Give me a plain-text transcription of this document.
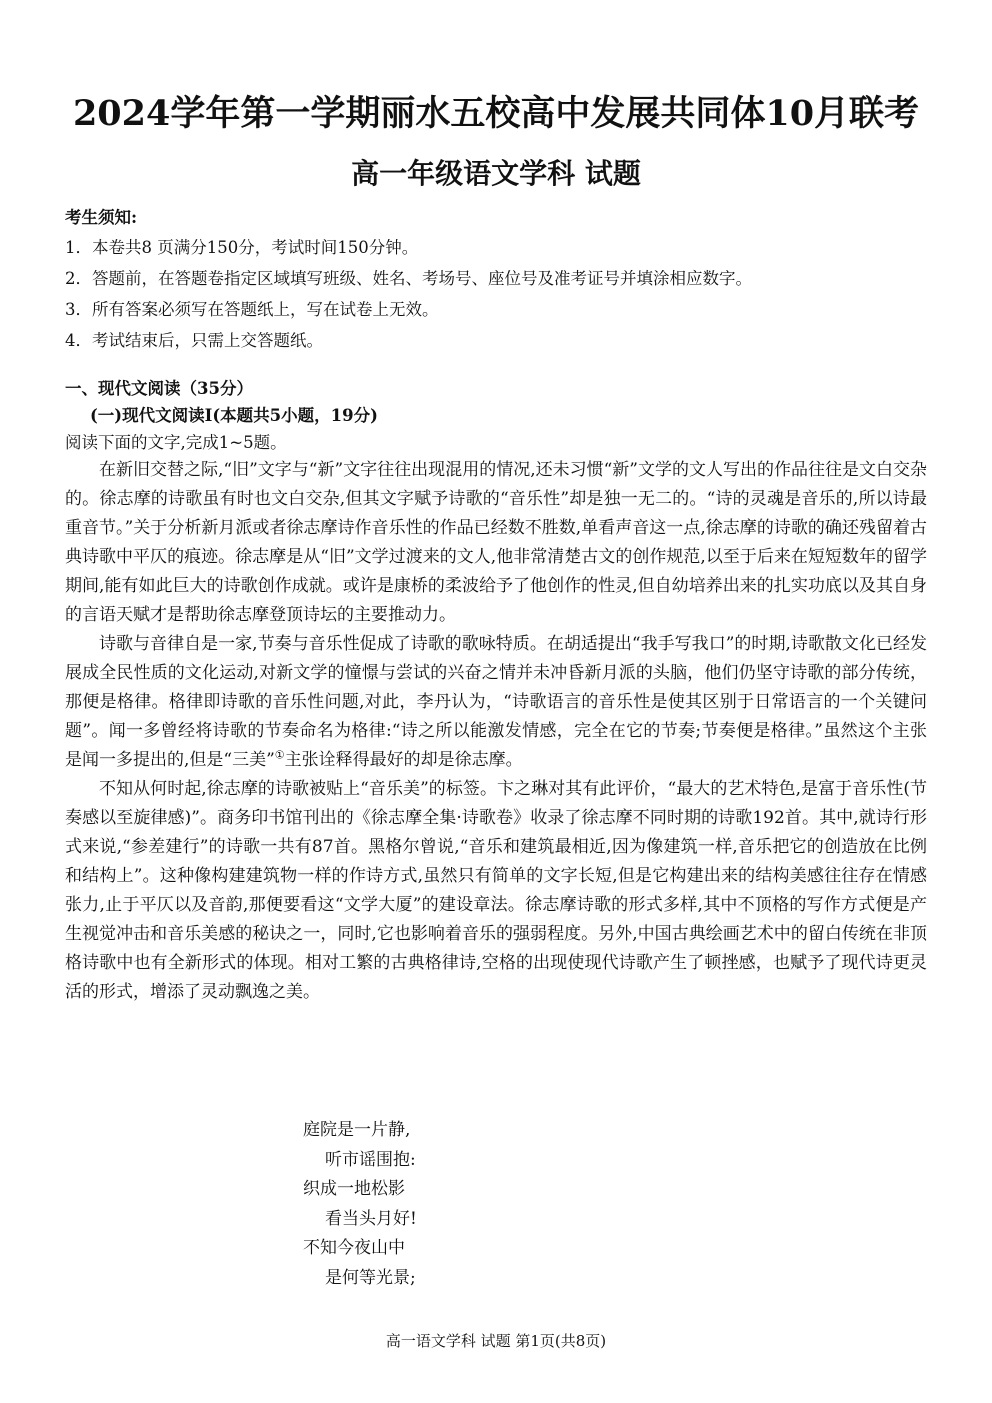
2024学年第一学期丽水五校高中发展共同体10月联考
高一年级语文学科 试题
考生须知:
1．本卷共8 页满分150分，考试时间150分钟。
2．答题前，在答题卷指定区域填写班级、姓名、考场号、座位号及准考证号并填涂相应数字。
3．所有答案必须写在答题纸上，写在试卷上无效。
4．考试结束后，只需上交答题纸。
一、现代文阅读（35分）
(一)现代文阅读Ⅰ(本题共5小题，19分)
阅读下面的文字,完成1~5题。

在新旧交替之际,“旧”文字与“新”文字往往出现混用的情况,还未习惯“新”文学的文人写出的作品往往是文白交杂的。徐志摩的诗歌虽有时也文白交杂,但其文字赋予诗歌的“音乐性”却是独一无二的。“诗的灵魂是音乐的,所以诗最重音节。”关于分析新月派或者徐志摩诗作音乐性的作品已经数不胜数,单看声音这一点,徐志摩的诗歌的确还残留着古典诗歌中平仄的痕迹。徐志摩是从“旧”文学过渡来的文人,他非常清楚古文的创作规范,以至于后来在短短数年的留学期间,能有如此巨大的诗歌创作成就。或许是康桥的柔波给予了他创作的性灵,但自幼培养出来的扎实功底以及其自身的言语天赋才是帮助徐志摩登顶诗坛的主要推动力。

诗歌与音律自是一家,节奏与音乐性促成了诗歌的歌咏特质。在胡适提出“我手写我口”的时期,诗歌散文化已经发展成全民性质的文化运动,对新文学的憧憬与尝试的兴奋之情并未冲昏新月派的头脑，他们仍坚守诗歌的部分传统，那便是格律。格律即诗歌的音乐性问题,对此，李丹认为，“诗歌语言的音乐性是使其区别于日常语言的一个关键问题”。闻一多曾经将诗歌的节奏命名为格律:“诗之所以能激发情感，完全在它的节奏;节奏便是格律。”虽然这个主张是闻一多提出的,但是“三美”①主张诠释得最好的却是徐志摩。

不知从何时起,徐志摩的诗歌被贴上“音乐美”的标签。卞之琳对其有此评价，“最大的艺术特色,是富于音乐性(节奏感以至旋律感)”。商务印书馆刊出的《徐志摩全集·诗歌卷》收录了徐志摩不同时期的诗歌192首。其中,就诗行形式来说,“参差建行”的诗歌一共有87首。黑格尔曾说,“音乐和建筑最相近,因为像建筑一样,音乐把它的创造放在比例和结构上”。这种像构建建筑物一样的作诗方式,虽然只有简单的文字长短,但是它构建出来的结构美感往往存在情感张力,止于平仄以及音韵,那便要看这“文学大厦”的建设章法。徐志摩诗歌的形式多样,其中不顶格的写作方式便是产生视觉冲击和音乐美感的秘诀之一，同时,它也影响着音乐的强弱程度。另外,中国古典绘画艺术中的留白传统在非顶格诗歌中也有全新形式的体现。相对工繁的古典格律诗,空格的出现使现代诗歌产生了顿挫感，也赋予了现代诗更灵活的形式，增添了灵动飘逸之美。

庭院是一片静,
听市谣围抱:
织成一地松影
看当头月好!
不知今夜山中
是何等光景;
高一语文学科 试题 第1页(共8页)
